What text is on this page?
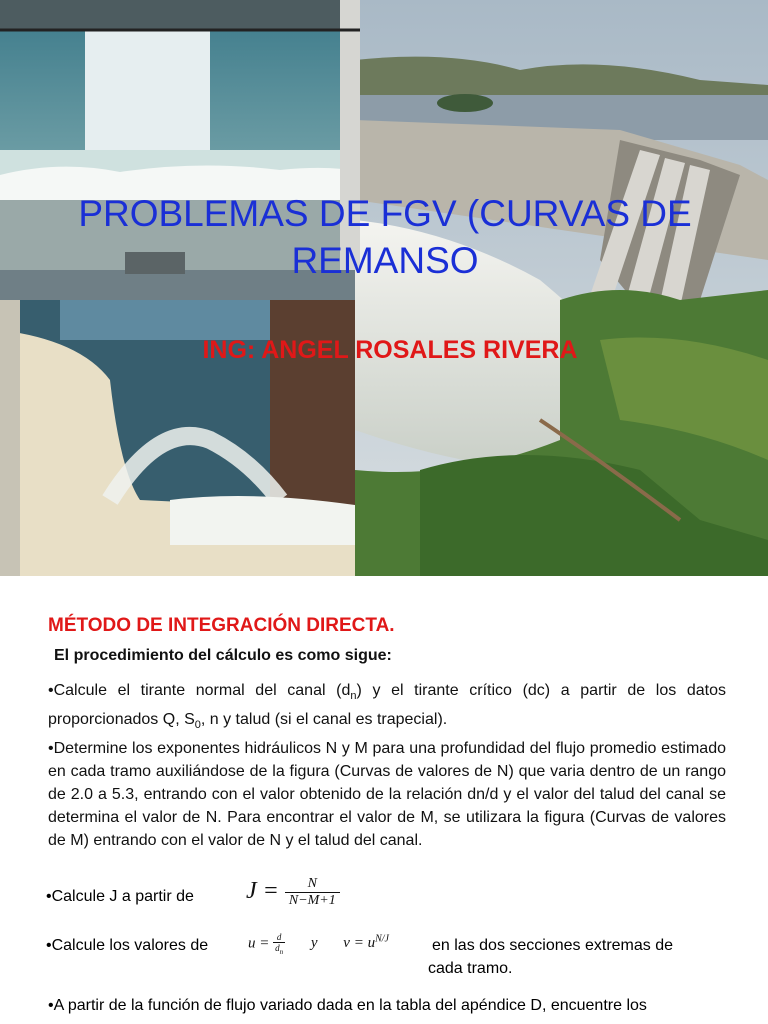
PROBLEMAS DE FGV (CURVAS DE
REMANSO
ING: ANGEL ROSALES RIVERA

MÉTODO DE INTEGRACIÓN DIRECTA.

El procedimiento del cálculo es como sigue:

•Calcule el tirante normal del canal $(d_n)$ y el tirante crítico (dc) a partir de los datos proporcionados Q, $S_0$, n y talud (si el canal es trapecial).

•Determine los exponentes hidráulicos N y M para una profundidad del flujo promedio estimado en cada tramo auxiliándose de la figura (Curvas de valores de N) que varia dentro de un rango de 2.0 a 5.3, entrando con el valor obtenido de la relación dn/d y el valor del talud del canal se determina el valor de N. Para encontrar el valor de M, se utilizara la figura (Curvas de valores de M) entrando con el valor de N y el talud del canal.

•Calcule J a partir de $J = \frac{N}{N-M+1}$
•Calcule los valores de	$u = \frac{d}{d_n}$ y $v = u^{N/J}$	en las dos secciones extremas de
cada tramo.
•A partir de la función de flujo variado dada en la tabla del apéndice D, encuentre los
